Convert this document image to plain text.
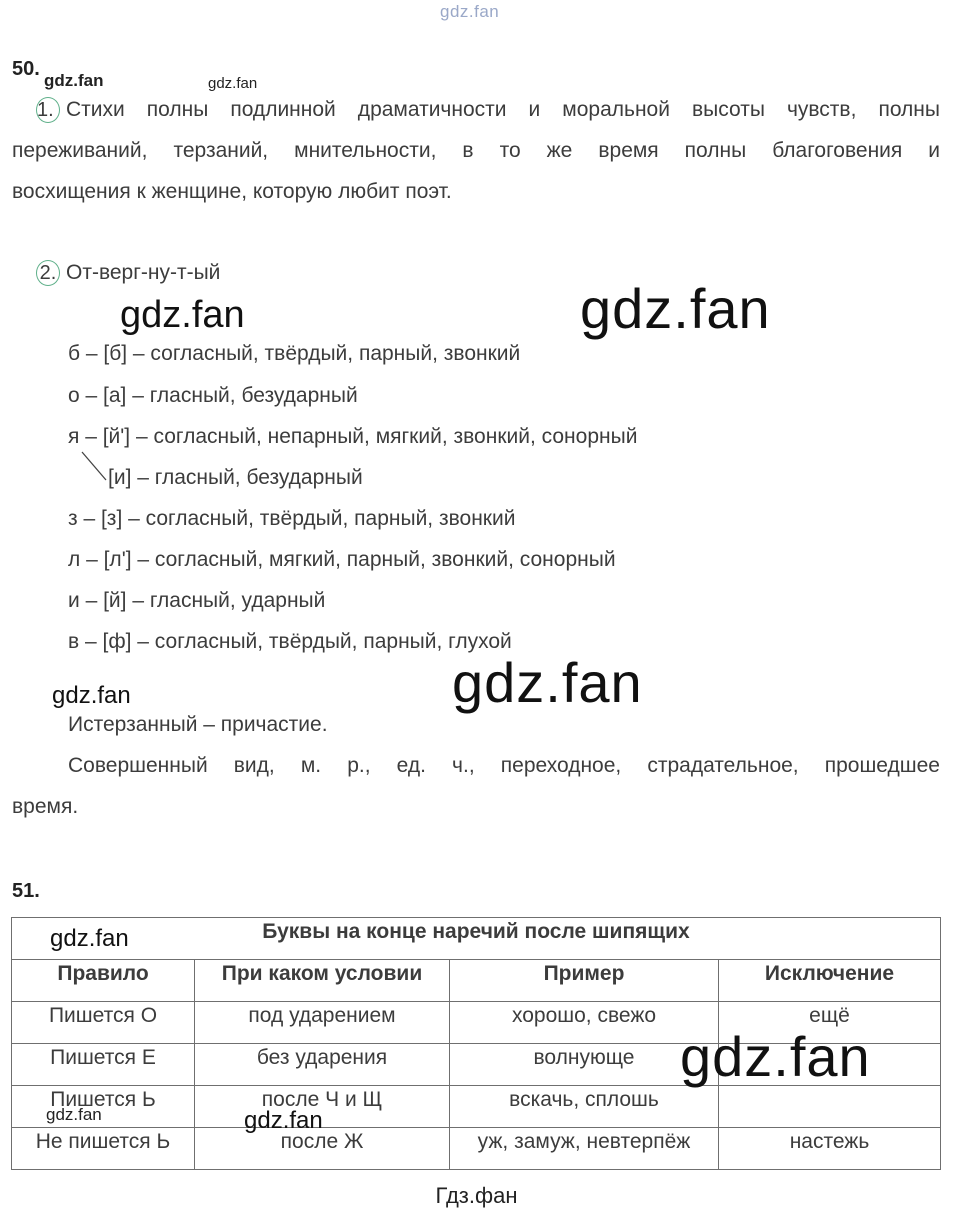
gdz.fan
50.
gdz.fan	gdz.fan
1. Стихи полны подлинной драматичности и моральной высоты чувств, полны
переживаний, терзаний, мнительности, в то же время полны благоговения и
восхищения к женщине, которую любит поэт.
2. От-верг-ну-т-ый
gdz.fan	gdz.fan
б – [б] – согласный, твёрдый, парный, звонкий
о – [а] – гласный, безударный
я – [й'] – согласный, непарный, мягкий, звонкий, сонорный
[и] – гласный, безударный
з – [з] – согласный, твёрдый, парный, звонкий
л – [л'] – согласный, мягкий, парный, звонкий, сонорный
и – [й] – гласный, ударный
в – [ф] – согласный, твёрдый, парный, глухой
gdz.fan
gdz.fan
Истерзанный – причастие.
Совершенный вид, м. р., ед. ч., переходное, страдательное, прошедшее
время.
51.
Буквы на конце наречий после шипящих			
Правило	При каком условии	Пример	Исключение
Пишется О	под ударением	хорошо, свежо	ещё
Пишется Е	без ударения	волнующе	
Пишется Ь	после Ч и Щ	вскачь, сплошь	
Не пишется Ь	после Ж	уж, замуж, невтерпёж	настежь
gdz.fan
gdz.fan
gdz.fan	gdz.fan
Гдз.фан
